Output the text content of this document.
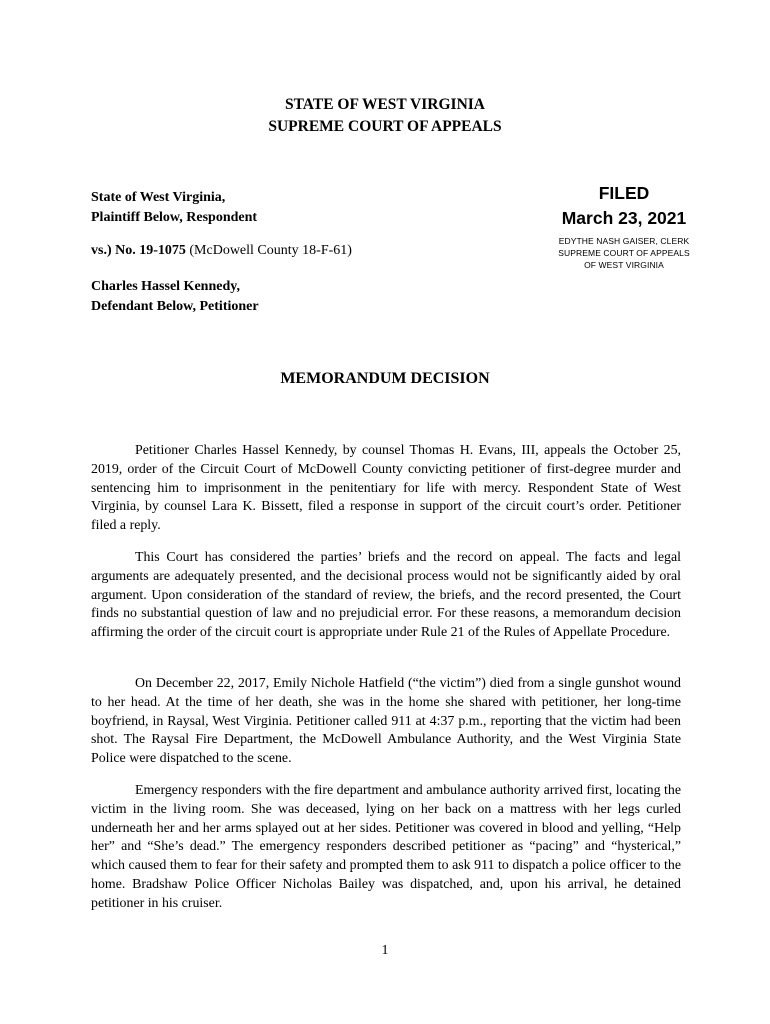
STATE OF WEST VIRGINIA
SUPREME COURT OF APPEALS
State of West Virginia,
Plaintiff Below, Respondent
vs.) No. 19-1075 (McDowell County 18-F-61)
Charles Hassel Kennedy,
Defendant Below, Petitioner
FILED
March 23, 2021
EDYTHE NASH GAISER, CLERK
SUPREME COURT OF APPEALS
OF WEST VIRGINIA
MEMORANDUM DECISION

Petitioner Charles Hassel Kennedy, by counsel Thomas H. Evans, III, appeals the October 25, 2019, order of the Circuit Court of McDowell County convicting petitioner of first-degree murder and sentencing him to imprisonment in the penitentiary for life with mercy. Respondent State of West Virginia, by counsel Lara K. Bissett, filed a response in support of the circuit court’s order. Petitioner filed a reply.

This Court has considered the parties’ briefs and the record on appeal. The facts and legal arguments are adequately presented, and the decisional process would not be significantly aided by oral argument. Upon consideration of the standard of review, the briefs, and the record presented, the Court finds no substantial question of law and no prejudicial error. For these reasons, a memorandum decision affirming the order of the circuit court is appropriate under Rule 21 of the Rules of Appellate Procedure.

On December 22, 2017, Emily Nichole Hatfield (“the victim”) died from a single gunshot wound to her head. At the time of her death, she was in the home she shared with petitioner, her long-time boyfriend, in Raysal, West Virginia. Petitioner called 911 at 4:37 p.m., reporting that the victim had been shot. The Raysal Fire Department, the McDowell Ambulance Authority, and the West Virginia State Police were dispatched to the scene.

Emergency responders with the fire department and ambulance authority arrived first, locating the victim in the living room. She was deceased, lying on her back on a mattress with her legs curled underneath her and her arms splayed out at her sides. Petitioner was covered in blood and yelling, “Help her” and “She’s dead.” The emergency responders described petitioner as “pacing” and “hysterical,” which caused them to fear for their safety and prompted them to ask 911 to dispatch a police officer to the home. Bradshaw Police Officer Nicholas Bailey was dispatched, and, upon his arrival, he detained petitioner in his cruiser.

1
